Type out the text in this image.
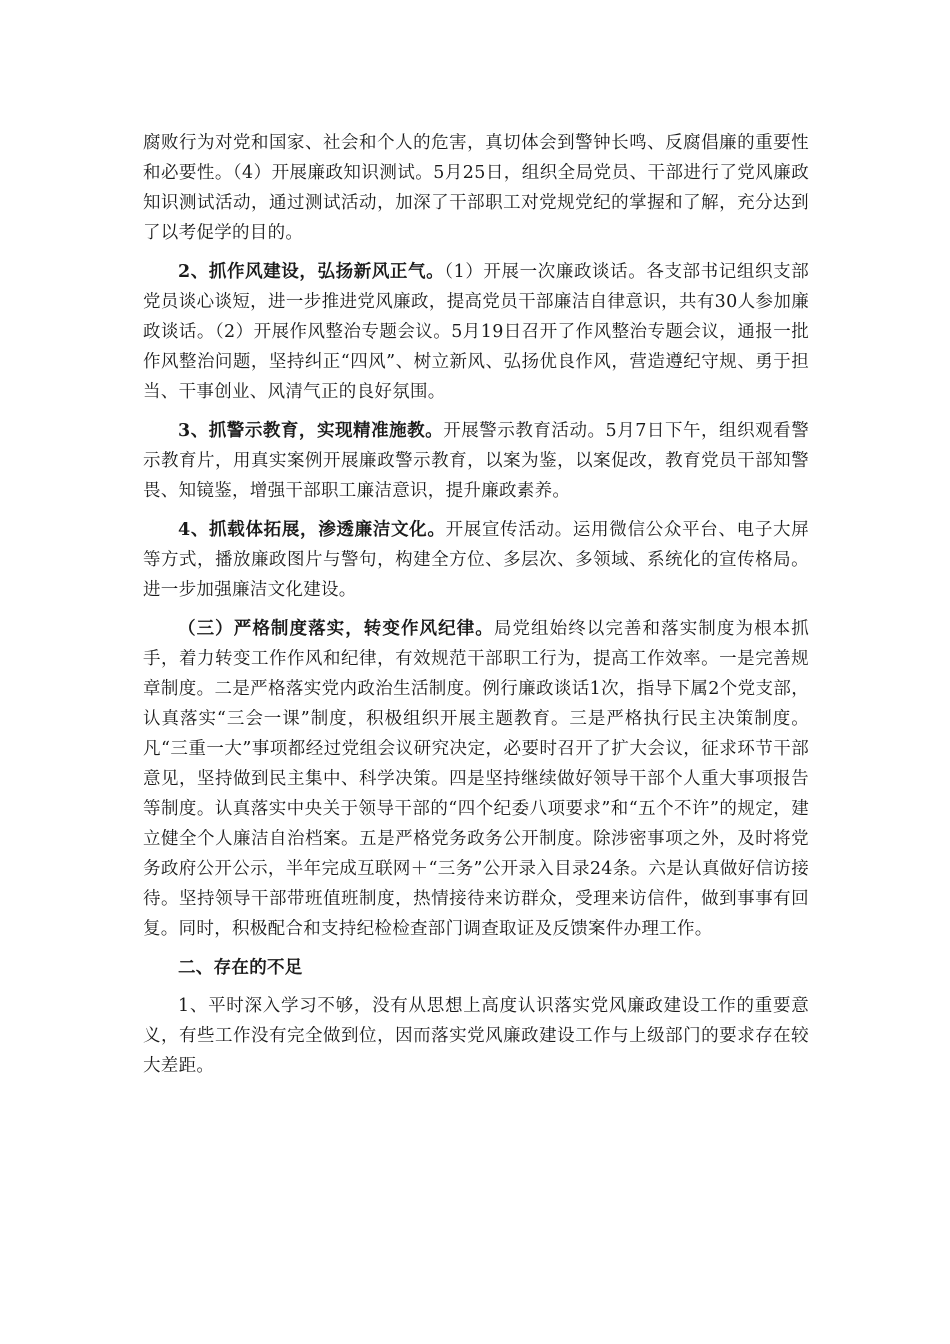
腐败行为对党和国家、社会和个人的危害，真切体会到警钟长鸣、反腐倡廉的重要性和必要性。（4）开展廉政知识测试。5月25日，组织全局党员、干部进行了党风廉政知识测试活动，通过测试活动，加深了干部职工对党规党纪的掌握和了解，充分达到了以考促学的目的。

2、抓作风建设，弘扬新风正气。（1）开展一次廉政谈话。各支部书记组织支部党员谈心谈短，进一步推进党风廉政，提高党员干部廉洁自律意识，共有30人参加廉政谈话。（2）开展作风整治专题会议。5月19日召开了作风整治专题会议，通报一批作风整治问题，坚持纠正“四风”、树立新风、弘扬优良作风，营造遵纪守规、勇于担当、干事创业、风清气正的良好氛围。

3、抓警示教育，实现精准施教。开展警示教育活动。5月7日下午，组织观看警示教育片，用真实案例开展廉政警示教育，以案为鉴，以案促改，教育党员干部知警畏、知镜鉴，增强干部职工廉洁意识，提升廉政素养。

4、抓载体拓展，渗透廉洁文化。开展宣传活动。运用微信公众平台、电子大屏等方式，播放廉政图片与警句，构建全方位、多层次、多领域、系统化的宣传格局。进一步加强廉洁文化建设。

（三）严格制度落实，转变作风纪律。局党组始终以完善和落实制度为根本抓手，着力转变工作作风和纪律，有效规范干部职工行为，提高工作效率。一是完善规章制度。二是严格落实党内政治生活制度。例行廉政谈话1次，指导下属2个党支部，认真落实“三会一课”制度，积极组织开展主题教育。三是严格执行民主决策制度。凡“三重一大”事项都经过党组会议研究决定，必要时召开了扩大会议，征求环节干部意见，坚持做到民主集中、科学决策。四是坚持继续做好领导干部个人重大事项报告等制度。认真落实中央关于领导干部的“四个纪委八项要求”和“五个不许”的规定，建立健全个人廉洁自治档案。五是严格党务政务公开制度。除涉密事项之外，及时将党务政府公开公示，半年完成互联网＋“三务”公开录入目录24条。六是认真做好信访接待。坚持领导干部带班值班制度，热情接待来访群众，受理来访信件，做到事事有回复。同时，积极配合和支持纪检检查部门调查取证及反馈案件办理工作。

二、存在的不足

1、平时深入学习不够，没有从思想上高度认识落实党风廉政建设工作的重要意义，有些工作没有完全做到位，因而落实党风廉政建设工作与上级部门的要求存在较大差距。
